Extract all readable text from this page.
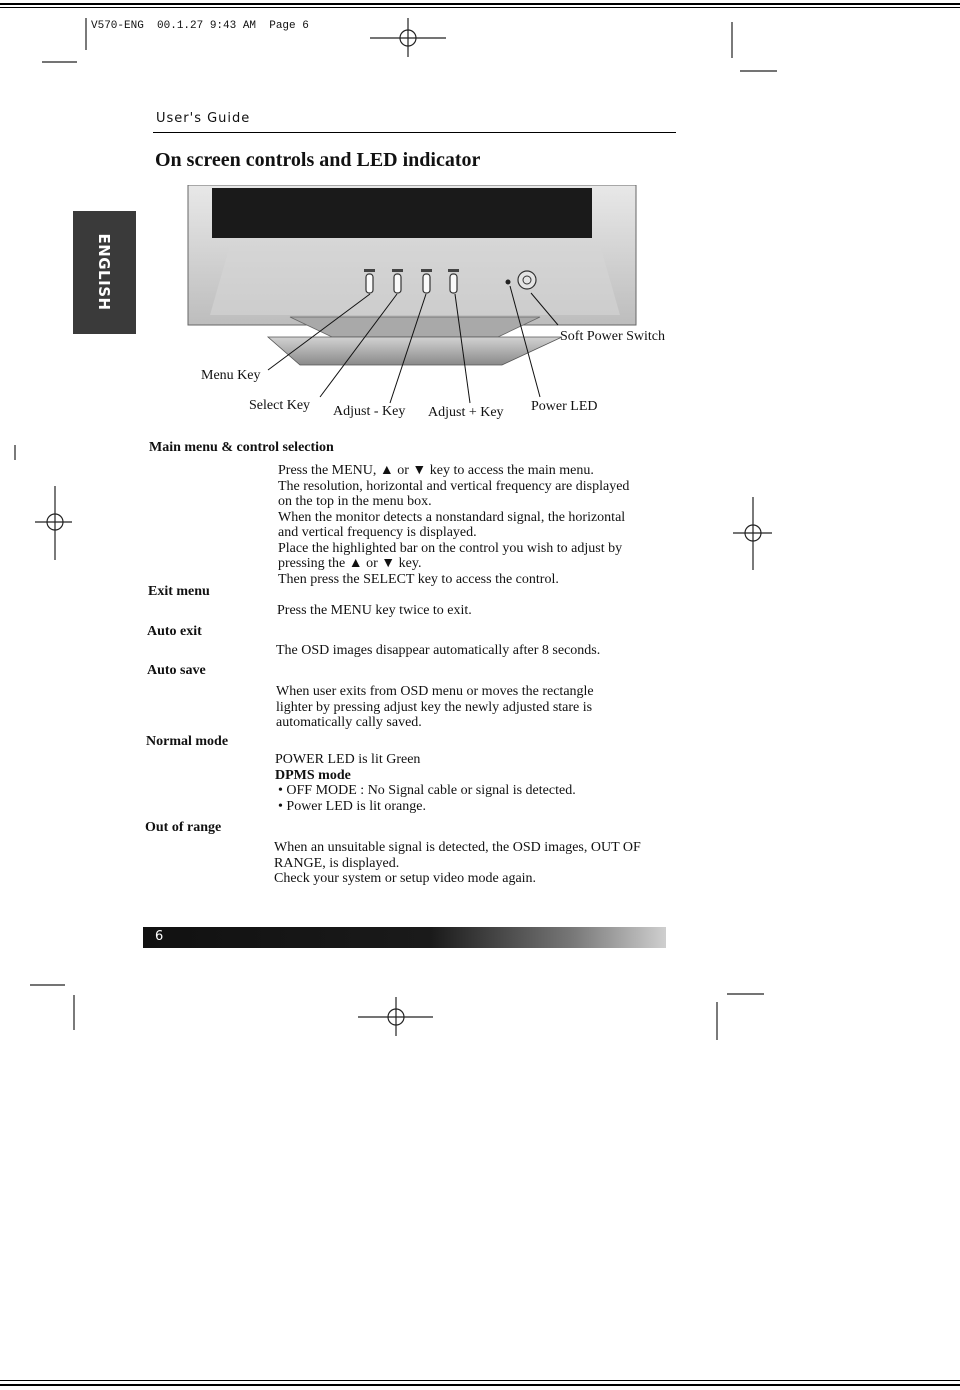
V570-ENG  00.1.27 9:43 AM  Page 6
User's Guide
On screen controls and LED indicator
ENGLISH
Menu Key
Select Key Adjust - Key Adjust + Key Power LED
Soft Power Switch
Main menu & control selection
Press the MENU, ▲ or ▼ key to access the main menu.
The resolution, horizontal and vertical frequency are displayed
on the top in the menu box.
When the monitor detects a nonstandard signal, the horizontal
and vertical frequency is displayed.
Place the highlighted bar on the control you wish to adjust by
pressing the ▲ or ▼ key.
Then press the SELECT key to access the control.
Exit menu
Press the MENU key twice to exit.
Auto exit
The OSD images disappear automatically after 8 seconds.
Auto save
When user exits from OSD menu or moves the rectangle
lighter by pressing adjust key the newly adjusted stare is
automatically cally saved.
Normal mode
POWER LED is lit Green
DPMS mode
• OFF MODE : No Signal cable or signal is detected.
• Power LED is lit orange.
Out of range
When an unsuitable signal is detected, the OSD images, OUT OF
RANGE, is displayed.
Check your system or setup video mode again.
6
